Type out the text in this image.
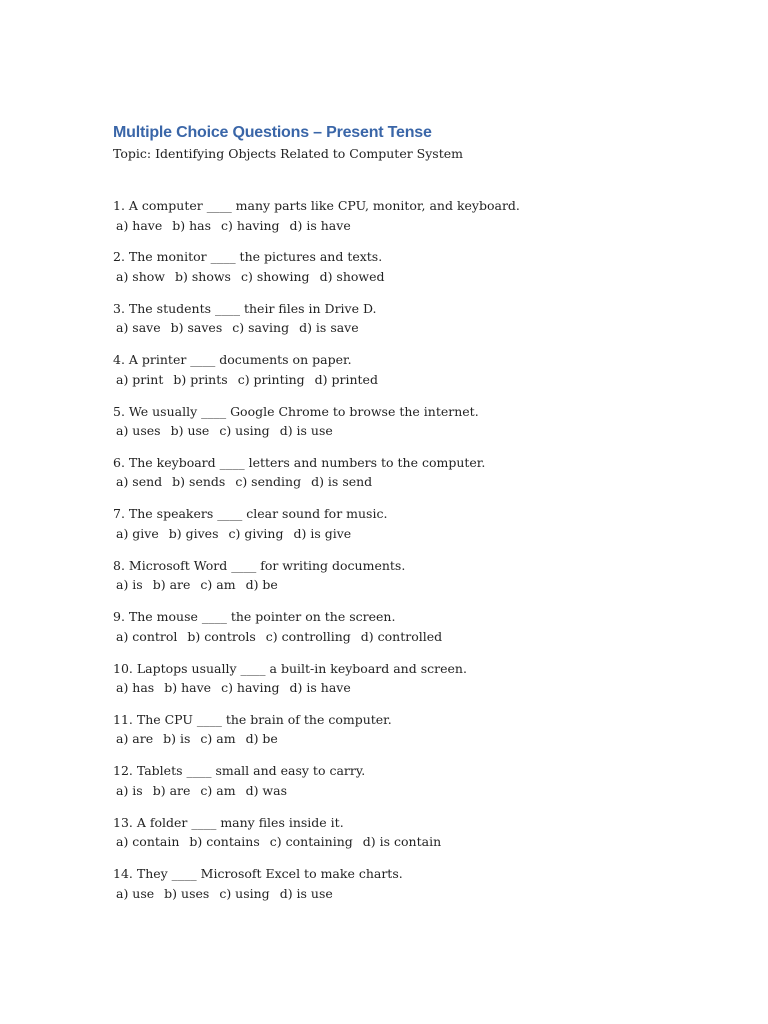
Multiple Choice Questions – Present Tense
Topic: Identifying Objects Related to Computer System
1. A computer ____ many parts like CPU, monitor, and keyboard.
a) have b) has c) having d) is have
2. The monitor ____ the pictures and texts.
a) show b) shows c) showing d) showed
3. The students ____ their files in Drive D.
a) save b) saves c) saving d) is save
4. A printer ____ documents on paper.
a) print b) prints c) printing d) printed
5. We usually ____ Google Chrome to browse the internet.
a) uses b) use c) using d) is use
6. The keyboard ____ letters and numbers to the computer.
a) send b) sends c) sending d) is send
7. The speakers ____ clear sound for music.
a) give b) gives c) giving d) is give
8. Microsoft Word ____ for writing documents.
a) is b) are c) am d) be
9. The mouse ____ the pointer on the screen.
a) control b) controls c) controlling d) controlled
10. Laptops usually ____ a built-in keyboard and screen.
a) has b) have c) having d) is have
11. The CPU ____ the brain of the computer.
a) are b) is c) am d) be
12. Tablets ____ small and easy to carry.
a) is b) are c) am d) was
13. A folder ____ many files inside it.
a) contain b) contains c) containing d) is contain
14. They ____ Microsoft Excel to make charts.
a) use b) uses c) using d) is use
